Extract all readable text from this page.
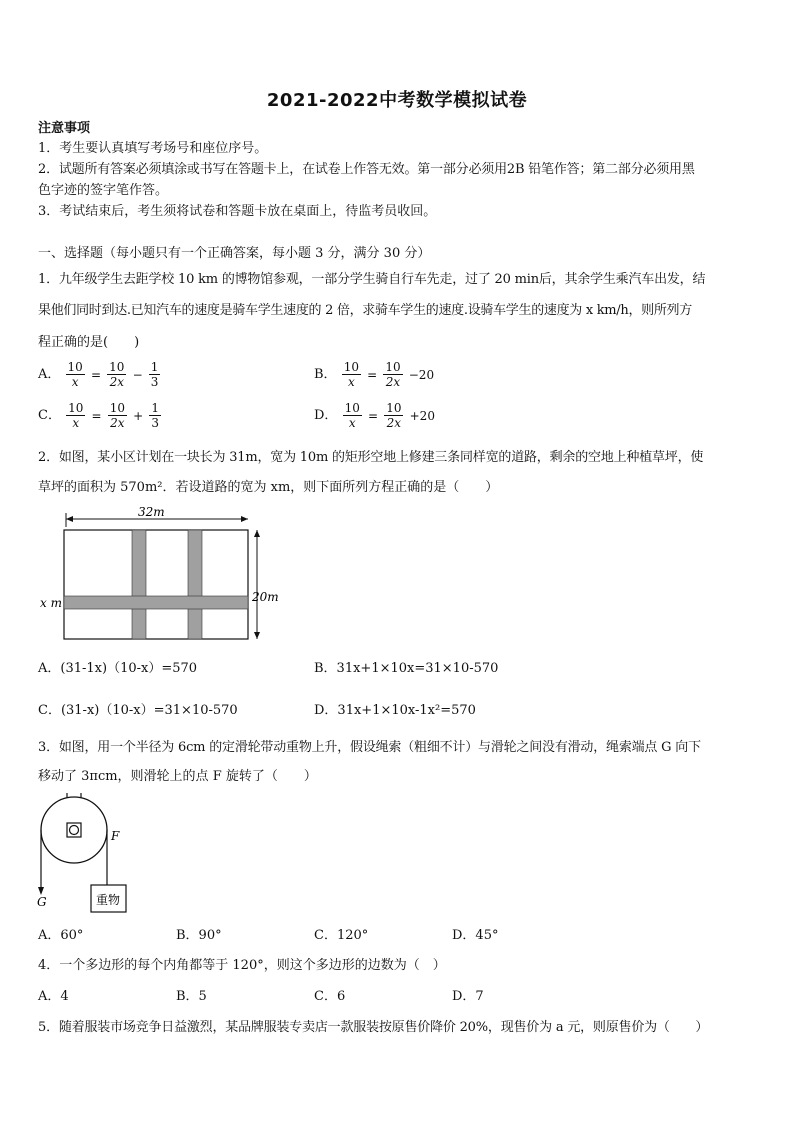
2021-2022中考数学模拟试卷
注意事项
1．考生要认真填写考场号和座位序号。
2．试题所有答案必须填涂或书写在答题卡上，在试卷上作答无效。第一部分必须用2B 铅笔作答；第二部分必须用黑
色字迹的签字笔作答。
3．考试结束后，考生须将试卷和答题卡放在桌面上，待监考员收回。
一、选择题（每小题只有一个正确答案，每小题 3 分，满分 30 分）
1．九年级学生去距学校 10 km 的博物馆参观，一部分学生骑自行车先走，过了 20 min后，其余学生乘汽车出发，结
果他们同时到达.已知汽车的速度是骑车学生速度的 2 倍，求骑车学生的速度.设骑车学生的速度为 x km/h，则所列方
程正确的是(　　)
A． $\frac{10}{x} = \frac{10}{2x} - \frac{1}{3}$	B． $\frac{10}{x} = \frac{10}{2x} -20$
C． $\frac{10}{x} = \frac{10}{2x} + \frac{1}{3}$	D． $\frac{10}{x} = \frac{10}{2x} +20$
2．如图，某小区计划在一块长为 31m，宽为 10m 的矩形空地上修建三条同样宽的道路，剩余的空地上种植草坪，使
草坪的面积为 570m²．若设道路的宽为 xm，则下面所列方程正确的是（　　）
32m
20m
x m
A．(31-1x)（10-x）=570	B．31x+1×10x=31×10-570
C．(31-x)（10-x）=31×10-570	D．31x+1×10x-1x²=570
3．如图，用一个半径为 6cm 的定滑轮带动重物上升，假设绳索（粗细不计）与滑轮之间没有滑动，绳索端点 G 向下
移动了 3πcm，则滑轮上的点 F 旋转了（　　）
G
F
重物
A．60°	B．90°	C．120°	D．45°
4．一个多边形的每个内角都等于 120°，则这个多边形的边数为（　）
A．4	B．5	C．6	D．7
5．随着服装市场竞争日益激烈，某品牌服装专卖店一款服装按原售价降价 20%，现售价为 a 元，则原售价为（　　）
